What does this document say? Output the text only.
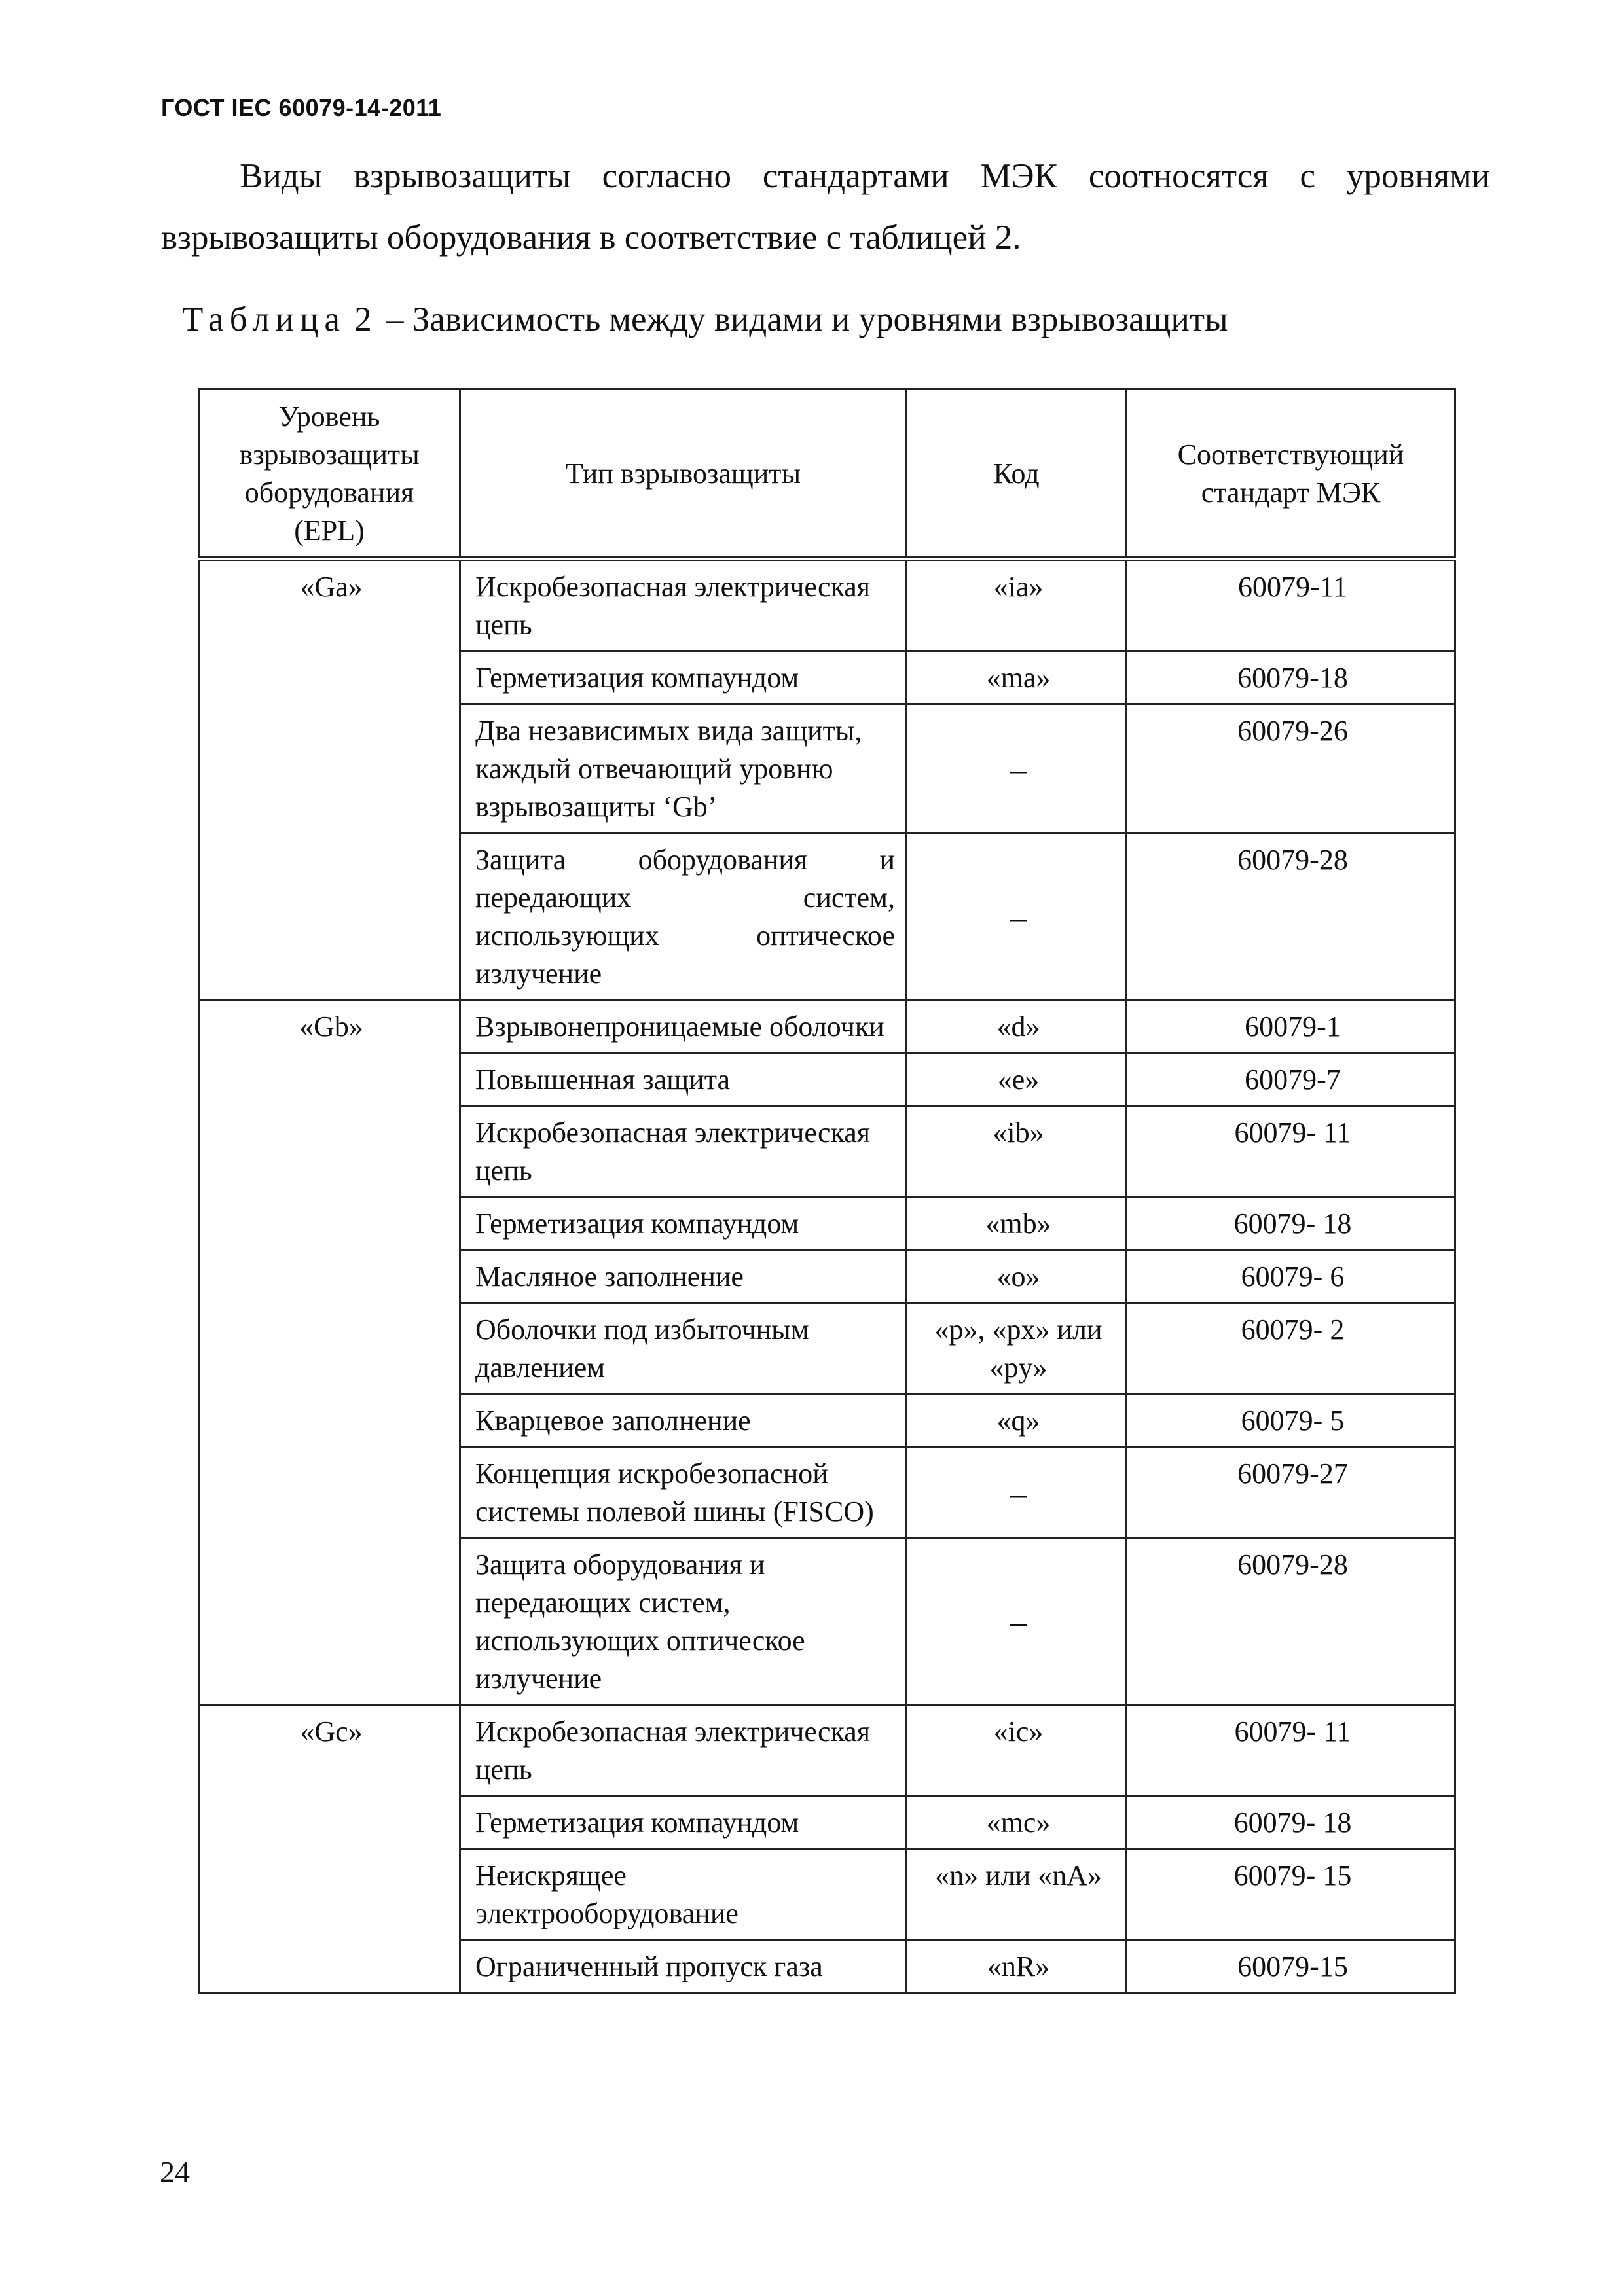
ГОСТ IEC 60079-14-2011

Виды взрывозащиты согласно стандартами МЭК соотносятся с уровнями взрывозащиты оборудования в соответствие с таблицей 2.

Таблица 2 – Зависимость между видами и уровнями взрывозащиты
Уровень взрывозащиты оборудования (EPL)	Тип взрывозащиты	Код	Соответствующий стандарт МЭК
«Ga»	Искробезопасная электрическая цепь	«ia»	60079-11
	Герметизация компаундом	«ma»	60079-18
	Два независимых вида защиты, каждый отвечающий уровню взрывозащиты ‘Gb’	–	60079-26
	Защита оборудования и передающих систем, использующих оптическое излучение	–	60079-28
«Gb»	Взрывонепроницаемые оболочки	«d»	60079-1
	Повышенная защита	«e»	60079-7
	Искробезопасная электрическая цепь	«ib»	60079- 11
	Герметизация компаундом	«mb»	60079- 18
	Масляное заполнение	«o»	60079- 6
	Оболочки под избыточным давлением	«p», «px» или «py»	60079- 2
	Кварцевое заполнение	«q»	60079- 5
	Концепция искробезопасной системы полевой шины (FISCO)	–	60079-27
	Защита оборудования и передающих систем, использующих оптическое излучение	–	60079-28
«Gc»	Искробезопасная электрическая цепь	«ic»	60079- 11
	Герметизация компаундом	«mc»	60079- 18
	Неискрящее электрооборудование	«n» или «nA»	60079- 15
	Ограниченный пропуск газа	«nR»	60079-15
24
